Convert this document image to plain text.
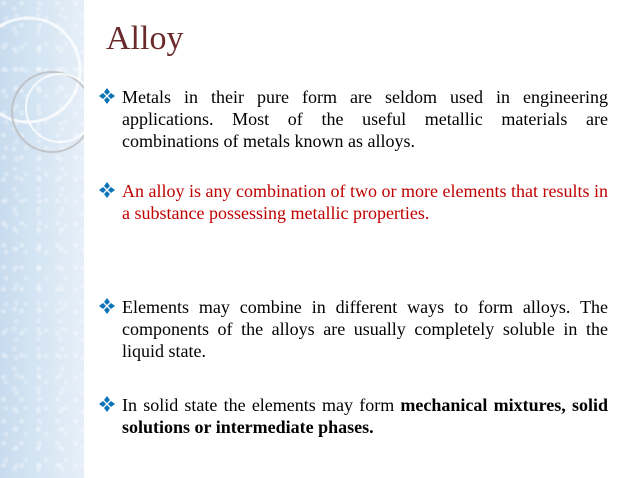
Alloy
Metals in their pure form are seldom used in engineering applications. Most of the useful metallic materials are combinations of metals known as alloys.
An alloy is any combination of two or more elements that results in a substance possessing metallic properties.
Elements may combine in different ways to form alloys. The components of the alloys are usually completely soluble in the liquid state.
In solid state the elements may form mechanical mixtures, solid solutions or intermediate phases.
